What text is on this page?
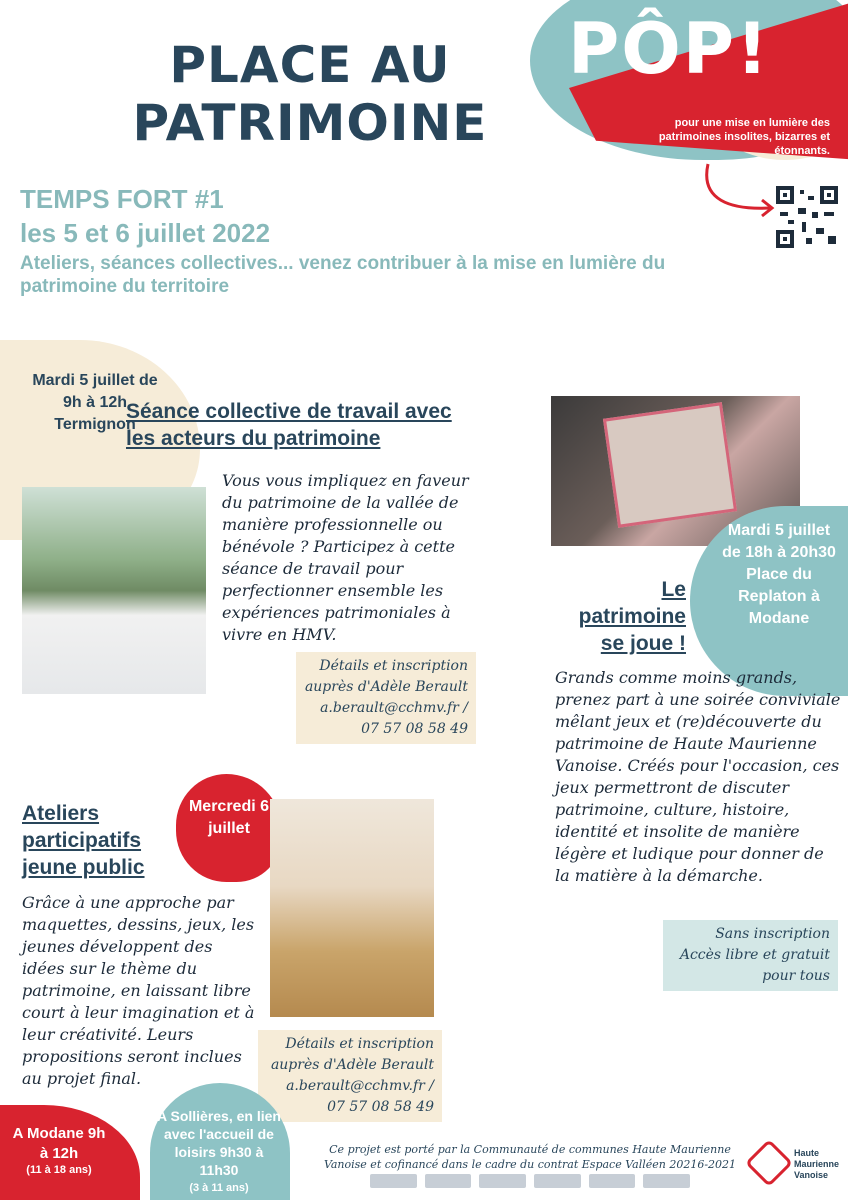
PÔP!
pour une mise en lumière des patrimoines insolites, bizarres et étonnants.
PLACE AU PATRIMOINE
TEMPS FORT #1
les 5 et 6 juillet 2022
Ateliers, séances collectives... venez contribuer à la mise en lumière du patrimoine du territoire
Mardi 5 juillet de 9h à 12h Termignon
Séance collective de travail avec les acteurs du patrimoine
Vous vous impliquez en faveur du patrimoine de la vallée de manière professionnelle ou bénévole ? Participez à cette séance de travail pour perfectionner ensemble les expériences patrimoniales à vivre en HMV.
Détails et inscription auprès d'Adèle Berault a.berault@cchmv.fr / 07 57 08 58 49
Mardi 5 juillet de 18h à 20h30 Place du Replaton à Modane
Le patrimoine se joue !
Grands comme moins grands, prenez part à une soirée conviviale mêlant jeux et (re)découverte du patrimoine de Haute Maurienne Vanoise. Créés pour l'occasion, ces jeux permettront de discuter patrimoine, culture, histoire, identité et insolite de manière légère et ludique pour donner de la matière à la démarche.
Sans inscription Accès libre et gratuit pour tous
Mercredi 6 juillet
Ateliers participatifs jeune public
Grâce à une approche par maquettes, dessins, jeux, les jeunes développent des idées sur le thème du patrimoine, en laissant libre court à leur imagination et à leur créativité. Leurs propositions seront inclues au projet final.
Détails et inscription auprès d'Adèle Berault a.berault@cchmv.fr / 07 57 08 58 49
A Modane 9h à 12h
(11 à 18 ans)
A Sollières, en lien avec l'accueil de loisirs 9h30 à 11h30
(3 à 11 ans)
Ce projet est porté par la Communauté de communes Haute Maurienne Vanoise et cofinancé dans le cadre du contrat Espace Valléen 20216-2021
Haute Maurienne Vanoise
